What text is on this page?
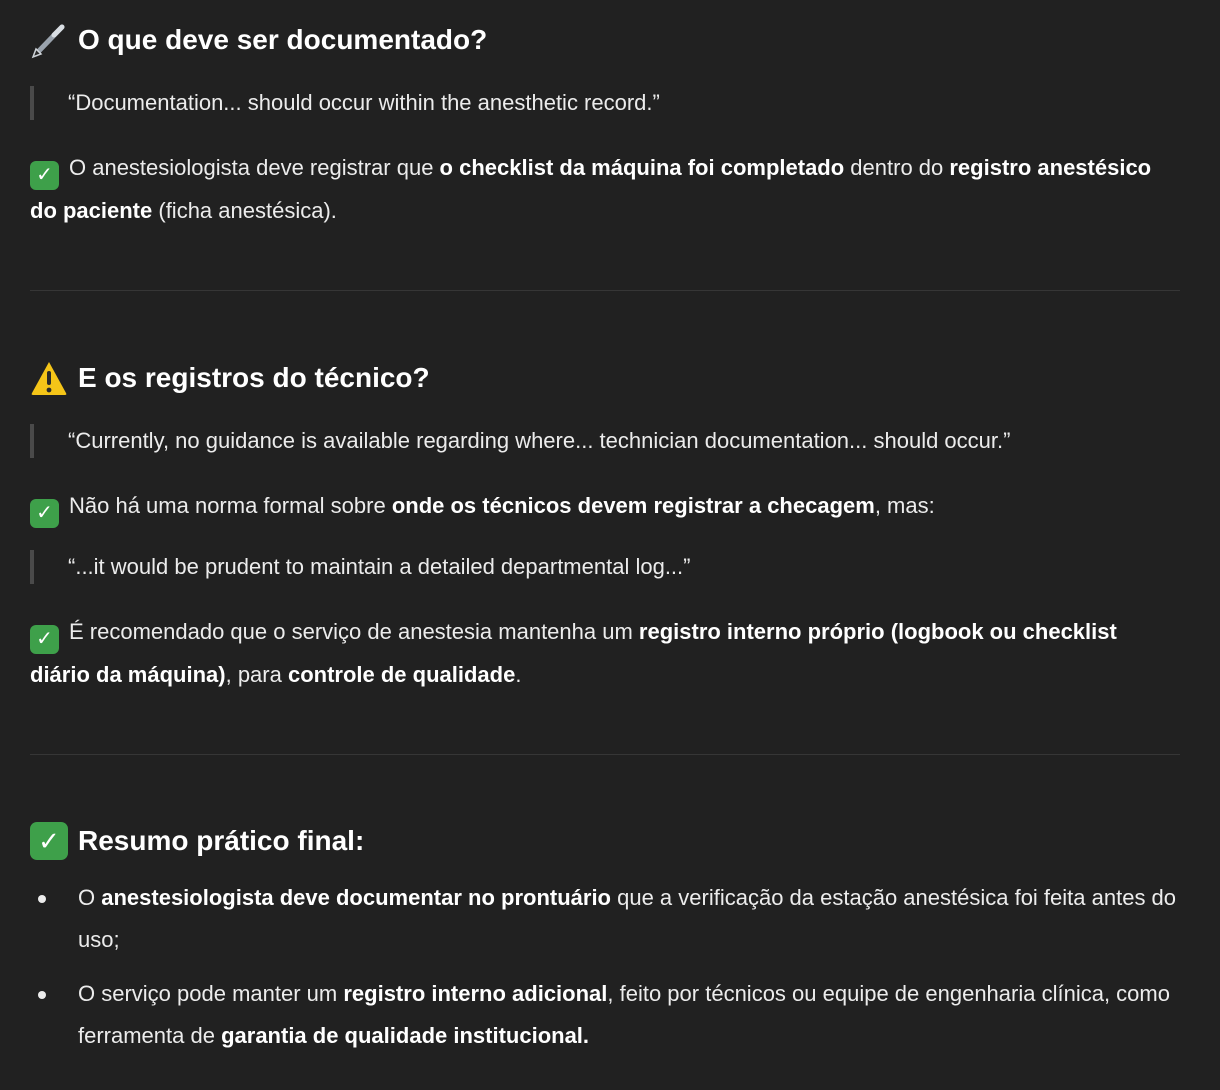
O que deve ser documentado?
“Documentation... should occur within the anesthetic record.”

✓ O anestesiologista deve registrar que o checklist da máquina foi completado dentro do registro anestésico do paciente (ficha anestésica).

E os registros do técnico?
“Currently, no guidance is available regarding where... technician documentation... should occur.”

✓ Não há uma norma formal sobre onde os técnicos devem registrar a checagem, mas:

“...it would be prudent to maintain a detailed departmental log...”

✓ É recomendado que o serviço de anestesia mantenha um registro interno próprio (logbook ou checklist diário da máquina), para controle de qualidade.

✓ Resumo prático final:
O anestesiologista deve documentar no prontuário que a verificação da estação anestésica foi feita antes do uso;
O serviço pode manter um registro interno adicional, feito por técnicos ou equipe de engenharia clínica, como ferramenta de garantia de qualidade institucional.
